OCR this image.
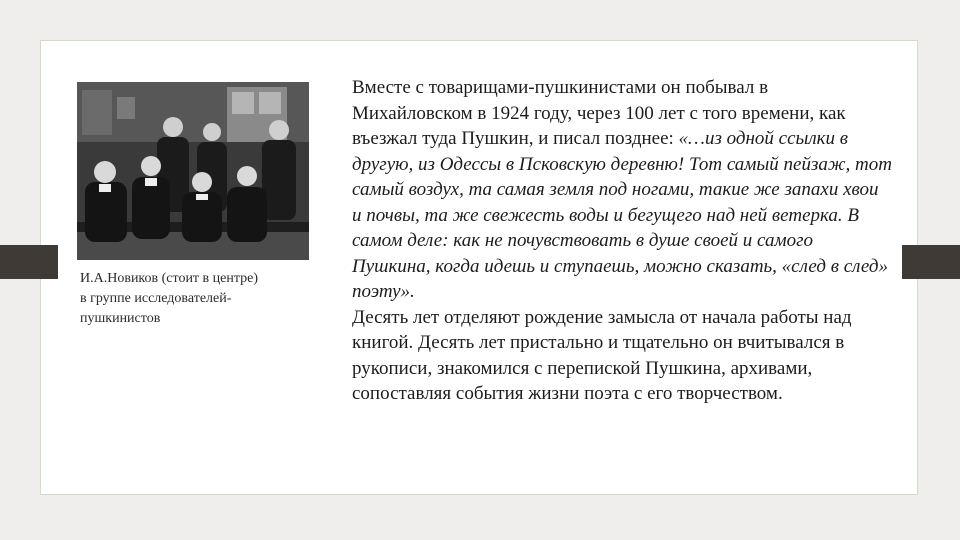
И.А.Новиков (стоит в центре)
в группе исследователей-
пушкинистов

Вместе с товарищами-пушкинистами он побывал в Михайловском в 1924 году, через 100 лет с того времени, как въезжал туда Пушкин, и писал позднее: «…из одной ссылки в другую, из Одессы в Псковскую деревню! Тот самый пейзаж, тот самый воздух, та самая земля под ногами, такие же запахи хвои и почвы, та же свежесть воды и бегущего над ней ветерка. В самом деле: как не почувствовать в душе своей и самого Пушкина, когда идешь и ступаешь, можно сказать, «след в след» поэту».

Десять лет отделяют рождение замысла от начала работы над книгой. Десять лет пристально и тщательно он вчитывался в рукописи, знакомился с перепиской Пушкина, архивами, сопоставляя события жизни поэта с его творчеством.
